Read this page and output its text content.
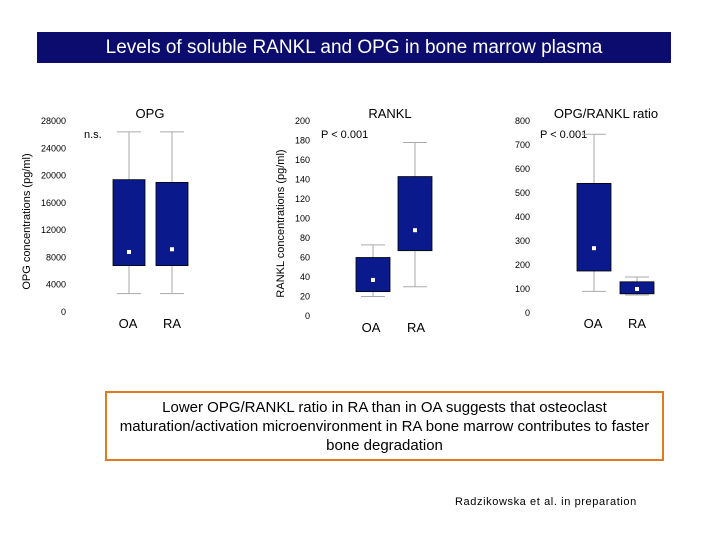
Levels of soluble RANKL and OPG in bone marrow plasma
0
4000
8000
12000
16000
20000
24000
28000	OPG
n.s.
OPG concentrations (pg/ml)
OA RA	0
20
40
60
80
100
120
140
160
180
200	RANKL
P < 0.001
RANKL concentrations (pg/ml)
OA RA
0
100
200
300
400
500
600
700
800 OPG/RANKL ratio
P < 0.001
OA RA
Lower OPG/RANKL ratio in RA than in OA suggests that osteoclast maturation/activation microenvironment in RA bone marrow contributes to faster bone degradation
Radzikowska et al. in preparation
